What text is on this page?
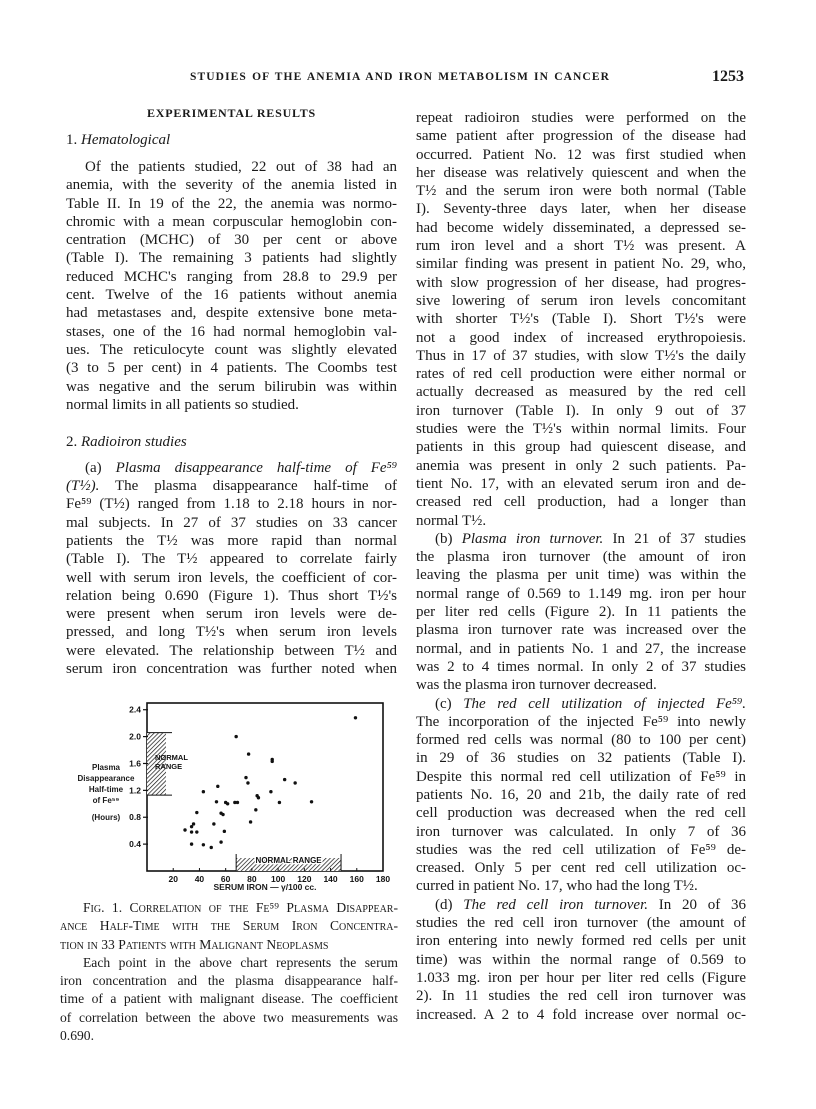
STUDIES OF THE ANEMIA AND IRON METABOLISM IN CANCER	1253
EXPERIMENTAL RESULTS
1. Hematological
Of the patients studied, 22 out of 38 had an
anemia, with the severity of the anemia listed in
Table II. In 19 of the 22, the anemia was normo-
chromic with a mean corpuscular hemoglobin con-
centration (MCHC) of 30 per cent or above
(Table I). The remaining 3 patients had slightly
reduced MCHC's ranging from 28.8 to 29.9 per
cent. Twelve of the 16 patients without anemia
had metastases and, despite extensive bone meta-
stases, one of the 16 had normal hemoglobin val-
ues. The reticulocyte count was slightly elevated
(3 to 5 per cent) in 4 patients. The Coombs test
was negative and the serum bilirubin was within
normal limits in all patients so studied.
2. Radioiron studies
(a) Plasma disappearance half-time of Fe⁵⁹
(T½). The plasma disappearance half-time of
Fe⁵⁹ (T½) ranged from 1.18 to 2.18 hours in nor-
mal subjects. In 27 of 37 studies on 33 cancer
patients the T½ was more rapid than normal
(Table I). The T½ appeared to correlate fairly
well with serum iron levels, the coefficient of cor-
relation being 0.690 (Figure 1). Thus short T½'s
were present when serum iron levels were de-
pressed, and long T½'s when serum iron levels
were elevated. The relationship between T½ and
serum iron concentration was further noted when
repeat radioiron studies were performed on the
same patient after progression of the disease had
occurred. Patient No. 12 was first studied when
her disease was relatively quiescent and when the
T½ and the serum iron were both normal (Table
I). Seventy-three days later, when her disease
had become widely disseminated, a depressed se-
rum iron level and a short T½ was present. A
similar finding was present in patient No. 29, who,
with slow progression of her disease, had progres-
sive lowering of serum iron levels concomitant
with shorter T½'s (Table I). Short T½'s were
not a good index of increased erythropoiesis.
Thus in 17 of 37 studies, with slow T½'s the daily
rates of red cell production were either normal or
actually decreased as measured by the red cell
iron turnover (Table I). In only 9 out of 37
studies were the T½'s within normal limits. Four
patients in this group had quiescent disease, and
anemia was present in only 2 such patients. Pa-
tient No. 17, with an elevated serum iron and de-
creased red cell production, had a longer than
normal T½.
(b) Plasma iron turnover. In 21 of 37 studies
the plasma iron turnover (the amount of iron
leaving the plasma per unit time) was within the
normal range of 0.569 to 1.149 mg. iron per hour
per liter red cells (Figure 2). In 11 patients the
plasma iron turnover rate was increased over the
normal, and in patients No. 1 and 27, the increase
was 2 to 4 times normal. In only 2 of 37 studies
was the plasma iron turnover decreased.
(c) The red cell utilization of injected Fe⁵⁹.
The incorporation of the injected Fe⁵⁹ into newly
formed red cells was normal (80 to 100 per cent)
in 29 of 36 studies on 32 patients (Table I).
Despite this normal red cell utilization of Fe⁵⁹ in
patients No. 16, 20 and 21b, the daily rate of red
cell production was decreased when the red cell
iron turnover was calculated. In only 7 of 36
studies was the red cell utilization of Fe⁵⁹ de-
creased. Only 5 per cent red cell utilization oc-
curred in patient No. 17, who had the long T½.
(d) The red cell iron turnover. In 20 of 36
studies the red cell iron turnover (the amount of
iron entering into newly formed red cells per unit
time) was within the normal range of 0.569 to
1.033 mg. iron per hour per liter red cells (Figure
2). In 11 studies the red cell iron turnover was
increased. A 2 to 4 fold increase over normal oc-
NORMAL
RANGE
NORMAL RANGE
0.4
0.8
1.2
1.6
2.0
2.4
20 40 60 80 100 120 140 160 180
Plasma
Disappearance
Half-time
of Fe⁵⁹
(Hours)
SERUM IRON — γ/100 cc.
Fig. 1. Correlation of the Fe⁵⁹ Plasma Disappear-
ance Half-Time with the Serum Iron Concentra-
tion in 33 Patients with Malignant Neoplasms
Each point in the above chart represents the serum
iron concentration and the plasma disappearance half-
time of a patient with malignant disease. The coefficient
of correlation between the above two measurements was
0.690.
